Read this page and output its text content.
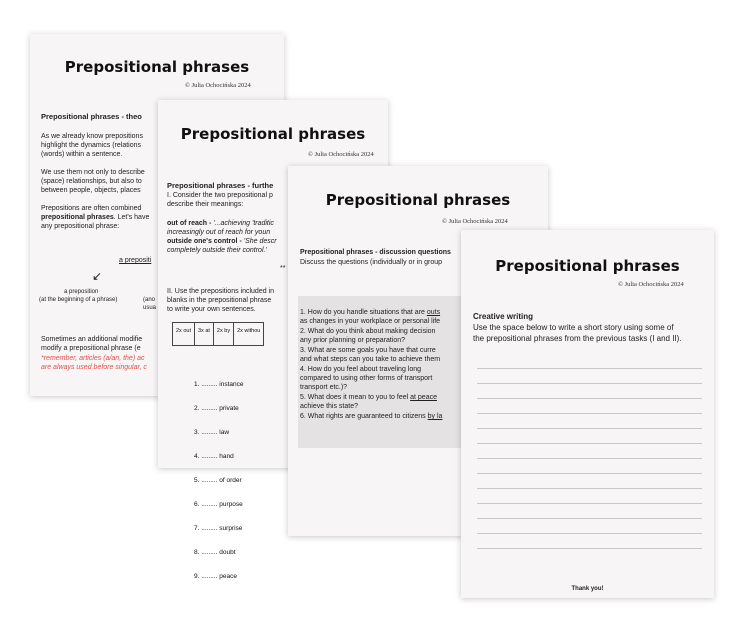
Prepositional phrases
© Julia Ochocińska 2024
Prepositional phrases - theo
As we already know prepositions
highlight the dynamics (relations
(words) within a sentence.
We use them not only to describe
(space) relationships, but also to
between people, objects, places
Prepositions are often combined
prepositional phrases. Let's have
any prepositional phrase:
a prepositi
↙
a preposition
(at the beginning of a phrase)	(ano
usua
Sometimes an additional modifie
modify a prepositional phrase (e
*remember, articles (a/an, the) ac
are always used before singular, c
Prepositional phrases
© Julia Ochocińska 2024
Prepositional phrases - furthe
I. Consider the two prepositional p
describe their meanings:
out of reach - '...achieving 'traditic
increasingly out of reach for youn
outside one's control - 'She descr
completely outside their control.'
**
II. Use the prepositions included in
blanks in the prepositional phrase
to write your own sentences.
2x out	3x at	2x by	2x withou

1. ......... instance

2. ......... private

3. ......... law

4. ......... hand

5. ......... of order

6. ......... purpose

7. ......... surprise

8. ......... doubt

9. ......... peace

Prepositional phrases
© Julia Ochocińska 2024
Prepositional phrases - discussion questions
Discuss the questions (individually or in group
1. How do you handle situations that are outs
as changes in your workplace or personal life
2. What do you think about making decision
any prior planning or preparation?
3. What are some goals you have that curre
and what steps can you take to achieve them
4. How do you feel about traveling long
compared to using other forms of transport
transport etc.)?
5. What does it mean to you to feel at peace
achieve this state?
6. What rights are guaranteed to citizens by la
Prepositional phrases
© Julia Ochocińska 2024
Creative writing
Use the space below to write a short story using some of
the prepositional phrases from the previous tasks (I and II).
Thank you!
